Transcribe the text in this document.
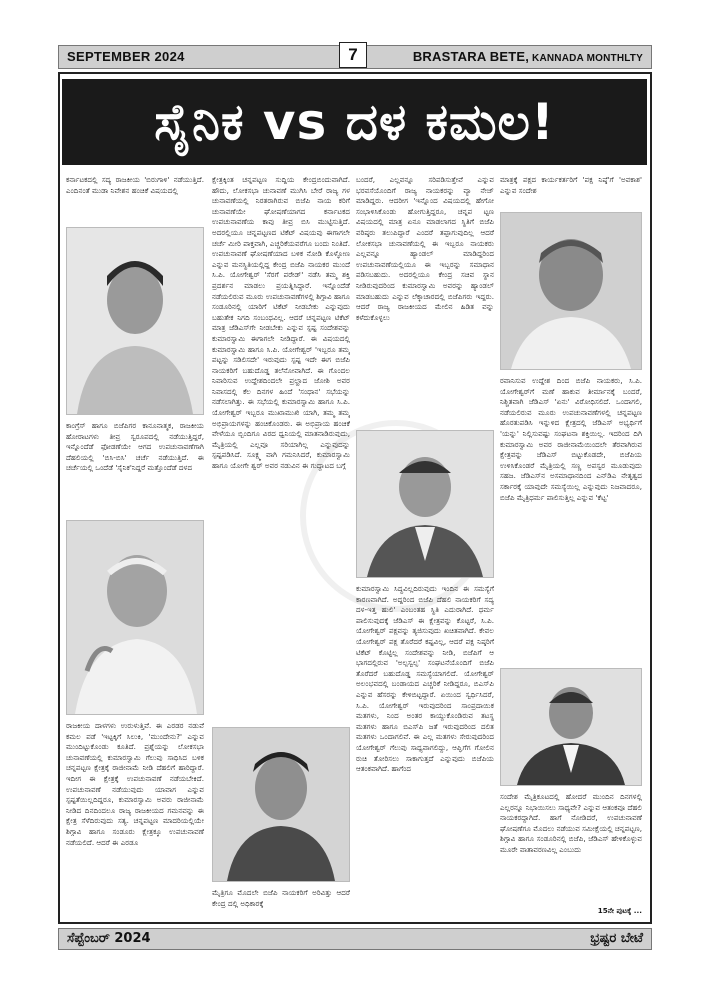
SEPTEMBER 2024	7	BRASTARA BETE, KANNADA MONTHLTY
ಸೈನಿಕ vs ದಳ ಕಮಲ!

ಕರ್ನಾಟಕದಲ್ಲಿ ಸದ್ಯ ರಾಜಕೀಯ 'ಬಿರುಗಾಳಿ' ನಡೆಯುತ್ತಿದೆ. ಎಂದಿನಂತೆ ಮುಡಾ ನಿವೇಶನ ಹಂಚಿಕೆ ವಿಷಯದಲ್ಲಿ

ಕಾಂಗ್ರೆಸ್ ಹಾಗೂ ಬಿಜೆಪಿಗರ ಕಾನೂನಾತ್ಮಕ, ರಾಜಕೀಯ ಹೋರಾಟಗಳು ತೀವ್ರ ಸ್ವರೂಪದಲ್ಲಿ ನಡೆಯುತ್ತಿದ್ದರೆ, ಇನ್ನೊಂದೆಡೆ ಫೋಡಣೆಯೇ ಆಗದ ಉಪಚುನಾವಣೆಗಾಗಿ ದೆಹಲಿಯಲ್ಲಿ 'ಬಿಸಿ-ಬಿಸಿ' ಚರ್ಚೆ ನಡೆಯುತ್ತಿದೆ. ಈ ಚರ್ಚೆಯಲ್ಲಿ ಒಂದೆಡೆ 'ಸೈನಿಕ'ನಿದ್ದರೆ ಮತ್ತೊಂದೆಡೆ ದಳದ

ರಾಜಕೀಯ ದಾಳಗಳು ಉರುಳುತ್ತಿವೆ. ಈ ಎರಡರ ನಡುವೆ ಕಮಲ ಪಡೆ 'ಇಟ್ಟಕ್ಕಿಗೆ ಸಿಲುಕಿ, 'ಮುಂದೇನು?' ಎನ್ನುವ ಮುಂದಿಟ್ಟುಕೊಂಡು ಕೂತಿದೆ. ಪ್ರಶ್ನೆಯನ್ನು ಲೋಕಸಭಾ ಚುನಾವಣೆಯಲ್ಲಿ ಕುಮಾರಸ್ವಾಮಿ ಗೆಲುವು ಸಾಧಿಸಿದ ಬಳಿಕ ಚನ್ನಪಟ್ಟಣ ಕ್ಷೇತ್ರಕ್ಕೆ ರಾಜೀನಾಮೆ ನೀಡಿ ದೆಹಲಿಗೆ ಹಾರಿದ್ದಾರೆ. ಇದೀಗ ಈ ಕ್ಷೇತ್ರಕ್ಕೆ ಉಪಚುನಾವಣೆ ನಡೆಯಬೇಕಿದೆ. ಉಪಚುನಾವಣೆ ನಡೆಯುವುದು ಯಾವಾಗ ಎನ್ನುವ ಸ್ಪಷ್ಟತೆಯಿಲ್ಲದಿದ್ದರೂ, ಕುಮಾರಸ್ವಾಮಿ ಅವರು ರಾಜೀನಾಮೆ ನೀಡಿದ ದಿನದಿಂದಲೂ ರಾಜ್ಯ ರಾಜಕೀಯದ ಗಮನವನ್ನು ಈ ಕ್ಷೇತ್ರ ಸೆಳೆದಿರುವುದು ಸತ್ಯ. ಚನ್ನಪಟ್ಟಣ ಮಾದರಿಯಲ್ಲಿಯೇ ಶಿಗ್ಗಾವಿ ಹಾಗೂ ಸಂಡೂರು ಕ್ಷೇತ್ರಕ್ಕೂ ಉಪಚುನಾವಣೆ ನಡೆಯಲಿದೆ. ಆದರೆ ಈ ಎರಡೂ

ಕ್ಷೇತ್ರಕ್ಕಿಂತ ಚನ್ನಪಟ್ಟಣ ಸುದ್ದಿಯ ಕೇಂದ್ರಬಿಂದುವಾಗಿದೆ. ಹೌದು, ಲೋಕಸಭಾ ಚುನಾವಣೆ ಮುಗಿಸಿ ಬೇರೆ ರಾಜ್ಯ ಗಳ ಚುನಾವಣೆಯಲ್ಲಿ ನಿರತರಾಗಿರುವ ಬಿಜೆಪಿ ನಾಯ ಕರಿಗೆ ಚುನಾವಣೆಯೇ ಘೋಷಣೆಯಾಗದ ಕರ್ನಾಟಕದ ಉಪಚುನಾವಣೆಯ ಕಾವು ತೀವ್ರ ಬಿಸಿ ಮುಟ್ಟಿಸುತ್ತಿದೆ. ಅದರಲ್ಲಿಯೂ ಚನ್ನಪಟ್ಟಣದ ಟಿಕೆಟ್ ವಿಷಯವು ಈಗಾಗಲೇ ಚರ್ಚೆ ಮೀರಿ ಪಾಕ್ತವಾಗಿ, ಎಚ್ಚರಿಕೆಯವರೆಗೂ ಬಂದು ನಿಂತಿದೆ. ಉಪಚುನಾವಣೆ ಘೋಷಣೆಯಾದ ಬಳಿಕ ನೋಡಿ ಕೊಳ್ಳೋಣ ಎನ್ನುವ ಮನಸ್ಥಿತಿಯಲ್ಲಿದ್ದ ಕೇಂದ್ರ ಬಿಜೆಪಿ ನಾಯಕರ ಮುಂದೆ ಸಿ.ಪಿ. ಯೋಗೇಶ್ವರ್ 'ಸೆರಗೆ ಪರೇಡ್' ನಡೆಸಿ ತಮ್ಮ ಶಕ್ತಿ ಪ್ರದರ್ಶನ ಮಾಡಲು ಪ್ರಯತ್ನಿಸಿದ್ದಾರೆ. ಇನ್ನೊಂದೆಡೆ ನಡೆಯಲಿರುವ ಮೂರು ಉಪಚುನಾವಣೆಗಳಲ್ಲಿ ಶಿಗ್ಗಾವಿ ಹಾಗೂ ಸಂಡೂರಿನಲ್ಲಿ ಯಾರಿಗೆ ಟಿಕೆಟ್ ನೀಡಬೇಕು ಎನ್ನುವುದು ಬಹುತೇಕ ನಿಗದಿ ಸಂಬಂಧವಿಲ್ಲ. ಆದರೆ ಚನ್ನಪಟ್ಟಣ ಟಿಕೆಟ್ ಮಾತ್ರ ಜೆಡಿಎಸ್‌ಗೇ ನೀಡಬೇಕು ಎನ್ನುವ ಸ್ಪಷ್ಟ ಸಂದೇಶವನ್ನು ಕುಮಾರಸ್ವಾಮಿ ಈಗಾಗಲೇ ನೀಡಿದ್ದಾರೆ. ಈ ವಿಷಯದಲ್ಲಿ ಕುಮಾರಸ್ವಾಮಿ ಹಾಗೂ ಸಿ.ಪಿ. ಯೋಗೇಶ್ವರ್ 'ಇಬ್ಬರೂ ತಮ್ಮ ಪಟ್ಟನ್ನು ಸಡಿಲಿಸದೇ' ಇರುವುದು ಸ್ಪಷ್ಟ ಇದೇ ಈಗ ಬಿಜೆಪಿ ನಾಯಕರಿಗೆ ಬಹುದೊಡ್ಡ ತಲೆನೋವಾಗಿದೆ. ಈ ಗೊಂದಲ ನಿವಾರಿಸುವ ಉದ್ದೇಶದಿಂದಲೇ ಪ್ರಲ್ಹಾದ ಜೋಶಿ ಅವರ ನಿವಾಸದಲ್ಲಿ ಕೆಲ ದಿನಗಳ ಹಿಂದೆ 'ಸಂಧಾನ' ಸಭೆಯನ್ನು ನಡೆಸಲಾಗಿತ್ತು. ಈ ಸಭೆಯಲ್ಲಿ ಕುಮಾರಸ್ವಾಮಿ ಹಾಗೂ ಸಿ.ಪಿ. ಯೋಗೇಶ್ವರ್ ಇಬ್ಬರೂ ಮುಖಾಮುಖಿ ಯಾಗಿ, ತಮ್ಮ ತಮ್ಮ ಅಭಿಪ್ರಾಯಗಳನ್ನು ಹಂಚಿಕೊಂಡರು. ಈ ಅಭಿಪ್ರಾಯ ಹಂಚಿಕೆ ವೇಳೆಯೂ ಬ್ಬಿಂದಿಗೂ ವಿರದ ಧ್ವನಿಯಲ್ಲಿ ಮಾತನಾಡಿರುವುದು, ಮೈತ್ರಿಯಲ್ಲಿ ಎಲ್ಲವೂ ಸರಿಯಾಗಿಲ್ಲ ಎನ್ನುವುದನ್ನು ಸ್ಪಷ್ಟಪಡಿಸಿದೆ. ಸೂಕ್ಷ್ಮ ವಾಗಿ ಗಮನಿಸಿದರೆ, ಕುಮಾರಸ್ವಾಮಿ ಹಾಗೂ ಯೋಗೇ ಶ್ವರ್ ಅವರ ನಡುವಿನ ಈ ಗುದ್ದಾಟದ ಬಗ್ಗೆ

ಮೈತ್ರಿಗೂ ಮೊದಲೇ ಬಿಜೆಪಿ ನಾಯಕರಿಗೆ ಅರಿವಿತ್ತು ಆದರೆ ಕೇಂದ್ರ ದಲ್ಲಿ ಅಧಿಕಾರಕ್ಕೆ

ಬಂದರೆ, ಎಲ್ಲವನ್ನೂ ಸರಿಪಡಿಸುತ್ತೇವೆ ಎನ್ನುವ ಭರವಸೆಯೊಂದಿಗೆ ರಾಜ್ಯ ನಾಯಕರನ್ನು ವ್ಯಾ ನೇಜ್ ಮಾಡಿದ್ದರು. ಆದರೀಗ 'ಇನ್ನೊಂದ ವಿಷಯದಲ್ಲಿ ಹೇಗೋ ಸಂಭಾಳಿಸಿಕೊಂಡು ಹೋಗುತ್ತಿದ್ದರೂ, ಚನ್ನಪ ಟ್ಟಣ ವಿಷಯದಲ್ಲಿ ಮಾತ್ರ ಏನೂ ಮಾಡಲಾಗದ ಸ್ಥಿತಿಗೆ ಬಿಜೆಪಿ ವರಿಷ್ಠರು ತಲುಪಿದ್ದಾರೆ ಎಂದರೆ ತಪ್ಪಾಗುವುದಿಲ್ಲ ಆದರೆ ಲೋಕಸಭಾ ಚುನಾವಣೆಯಲ್ಲಿ ಈ ಇಬ್ಬರೂ ನಾಯಕರು ಎಲ್ಲವನ್ನೂ ಹ್ಯಾಂಡಲ್ ಮಾಡಿದ್ದರಿಂದ ಉಪಚುನಾವಣೆಯಲ್ಲಿಯೂ ಈ ಇಬ್ಬರನ್ನು ಸಮಾಧಾನ ಪಡಿಸಬಹುದು. ಅದರಲ್ಲಿಯೂ ಕೇಂದ್ರ ಸಚಿವ ಸ್ಥಾನ ನೀಡಿರುವುದರಿಂದ ಕುಮಾರಸ್ವಾಮಿ ಅವರನ್ನು ಹ್ಯಾಂಡಲ್ ಮಾಡಬಹುದು ಎನ್ನುವ ಲೆಕ್ಕಾಚಾರದಲ್ಲಿ ಬಿಜೆಪಿಗರು ಇದ್ದರು. ಆದರೆ ರಾಜ್ಯ ರಾಜಕೀಯದ ಮೇಲಿನ ಹಿಡಿತ ವನ್ನು ಕಳೆದುಕೊಳ್ಳಲು

ಕುಮಾರಸ್ವಾಮಿ ಸಿದ್ಧವಿಲ್ಲದಿರುವುದು ಇಂದಿನ ಈ ಸಮಸ್ಯೆಗೆ ಕಾರಣವಾಗಿದೆ. ಅದ್ದರಿಂದ ಬಿಜೆಪಿ ದೆಹಲಿ ನಾಯಕರಿಗೆ ಸದ್ಯ ದಳ-ಇತ್ತ ಹುಲಿ' ಎಂಬಂತಹ ಸ್ಥಿತಿ ಎದುರಾಗಿದೆ. ಧರ್ಮ ಪಾಲಿಸುವುದಕ್ಕೆ ಜೆಡಿಎಸ್ ಈ ಕ್ಷೇತ್ರವನ್ನು ಕೊಟ್ಟರೆ, ಸಿ.ಪಿ. ಯೋಗೇಶ್ವರ್ ಪಕ್ಷವನ್ನು ತ್ಯಜಿಸುವುದು ಖಚಿತವಾಗಿದೆ. ಕೇವಲ ಯೋಗೇಶ್ವರ್ ಪಕ್ಷ ತೊರೆದರೆ ಕಷ್ಟವಿಲ್ಲ, ಆದರೆ ಪಕ್ಷ ನಿಷ್ಠರಿಗೆ ಟಿಕೆಟ್ ಕೊಟ್ಟಿಲ್ಲ ಸಂದೇಶವನ್ನು ನೀಡಿ, ಬಿಜೆಪಿಗೆ ಆ ಭಾಗದಲ್ಲಿರುವ 'ಅಲ್ಪಸ್ವಲ್ಪ' ಸಂಘಟನೆಯೊಂದಿಗೆ ಬಿಜೆಪಿ ತೊರೆದರೆ ಬಹುದೊಡ್ಡ ಸಮಸ್ಯೆಯಾಗಲಿದೆ. ಯೋಗೇಶ್ವರ್ ಅಲಂಭವದಲ್ಲಿ ಬಂಡಾಯದ ಎಚ್ಚರಿಕೆ ನೀಡಿದ್ದರೂ, ಬಿಎಸ್‌ಪಿ ಎನ್ನುವ ಹೆಸರನ್ನು ಕೇಳಿಬಿಟ್ಟದ್ದಾರೆ. ಏಯಿಂದ ಸ್ವರ್ಧಿಸಿದರೆ, ಸಿ.ಪಿ. ಯೋಗೇಶ್ವರ್ ಇರುವುದರಿಂದ ಸಾಂಪ್ರದಾಯಿಕ ಮತಗಳು, ನಿಂದ ಅಂತರ ಕಾಯ್ದುಕೊಂಡಿರುವ ತಟಸ್ಥ ಮತಗಳು ಹಾಗೂ ಬಿಎಸ್‌ಪಿ ಜತೆ ಇರುವುದರಿಂದ ದಲಿತ ಮತಗಳು ಒಂದಾಗಲಿವೆ. ಈ ಎಲ್ಲ ಮತಗಳು ಸೇರುವುದರಿಂದ ಯೋಗೇಶ್ವರ್ ಗೆಲುವು ಸಾಧ್ಯವಾಗಲಿದ್ದು, ಆಪ್ಘಿಗೆಗ ಗೋಲಿನ ರುಚಿ ತೋರಿಸಲು ಸಾಕಾಗುತ್ತದೆ ಎನ್ನುವುದು ಬಿಜೆಪಿಯ ಆತಂಕವಾಗಿದೆ. ಹಾಗೆಂದ

ಮಾತ್ರಕ್ಕೆ ಪಕ್ಷದ ಕಾರ್ಯಕರ್ತರಿಗೆ 'ಪಕ್ಷ ನಿಷ್ಠೆ'ಗೆ 'ಅವಕಾಶ' ಎನ್ನುವ ಸಂದೇಶ

ರವಾನಿಸುವ ಉದ್ದೇಶ ದಿಂದ ಬಿಜೆಪಿ ನಾಯಕರು, ಸಿ.ಪಿ. ಯೋಗೇಶ್ವರ್‌ಗೆ ಮಣೆ ಹಾಕುವ ತೀರ್ಮಾನಕ್ಕೆ ಬಂದರೆ, ನಿಶ್ಚಿತವಾಗಿ ಜೆಡಿಎಸ್ 'ಏನು' ವಿರೋಧಿಸಲಿದೆ. ಒಂದಾಗಲಿ, ನಡೆಯಲಿರುವ ಮೂರು ಉಪಚುನಾವಣೆಗಳಲ್ಲಿ ಚನ್ನಪಟ್ಟಣ ಹೊರತುಪಡಿಸಿ ಇನ್ನುಳಿದ ಕ್ಷೇತ್ರದಲ್ಲಿ ಜೆಡಿಎಸ್ ಅಭ್ಯರ್ಥಿಗೆ 'ಯನ್ನು' ನಿಲ್ಲಿಸುವಷ್ಟು ಸಂಘಟನಾ ಶಕ್ತಿಯಿಲ್ಲ. ಇದರಿಂದ ದಿಗಿ ಕುಮಾರಸ್ವಾಮಿ ಅವರ ರಾಜೀನಾಮೆಯಿಂದಲೇ ತೆರವಾಗಿರುವ ಕ್ಷೇತ್ರವನ್ನು ಜೆಡಿಎಸ್ ಬಿಟ್ಟುಕೊಡದೇ, ಬಿಜೆಪಿಯ ಉಳಿಸಿಕೊಂಡರೆ ಮೈತ್ರಿಯಲ್ಲಿ ಸಣ್ಣ ಅಪಸ್ವರ ಮೂಡುವುದು ಸಹಜ. ಜೆಡಿಎಸ್‌ನ ಅಸಮಾಧಾನದಿಂದ ಎನ್‌ಡಿಎ ನೇತೃತ್ವದ ಸರ್ಕಾರಕ್ಕೆ ಯಾವುದೇ ಸಮಸ್ಯೆಯಿಲ್ಲ ಎನ್ನುವುದು ನಿಜವಾದರೂ, ಬಿಜೆಪಿ ಮೈತ್ರಿಧರ್ಮ ಪಾಲಿಸುತ್ತಿಲ್ಲ ಎನ್ನುವ 'ಕೆಟ್ಟ'

ಸಂದೇಶ ಮೈತ್ರಿಕೂಟದಲ್ಲಿ ಹೋದರೆ ಮುಂದಿನ ದಿನಗಳಲ್ಲಿ ಎಲ್ಲರನ್ನೂ ನಿಭಾಯಿಸಲು ಸಾಧ್ಯವೇ? ಎನ್ನುವ ಆತಂಕವೂ ದೆಹಲಿ ನಾಯಕರದ್ದಾಗಿದೆ. ಹಾಗೆ ನೋಡಿದರೆ, ಉಪಚುನಾವಣೆ ಘೋಷಣೆಗೂ ಮೊದಲು ನಡೆಯುವ ಸಮೀಕ್ಷೆಯಲ್ಲಿ ಚನ್ನಪಟ್ಟಣ, ಶಿಗ್ಗಾವಿ ಹಾಗೂ ಸಂಡೂರಿನಲ್ಲಿ ಬಿಜೆಪಿ, ಜೆಡಿಎಸ್ ಹೇಳಿಕೊಳ್ಳುವ ಮೂರೇ ವಾತಾವರಣವಿಲ್ಲ ಎಂಬುದು

15ನೇ ಪುಟಕ್ಕೆ ...
ಸೆಪ್ಟೆಂಬರ್ 2024	ಭ್ರಷ್ಟರ ಬೇಟೆ
